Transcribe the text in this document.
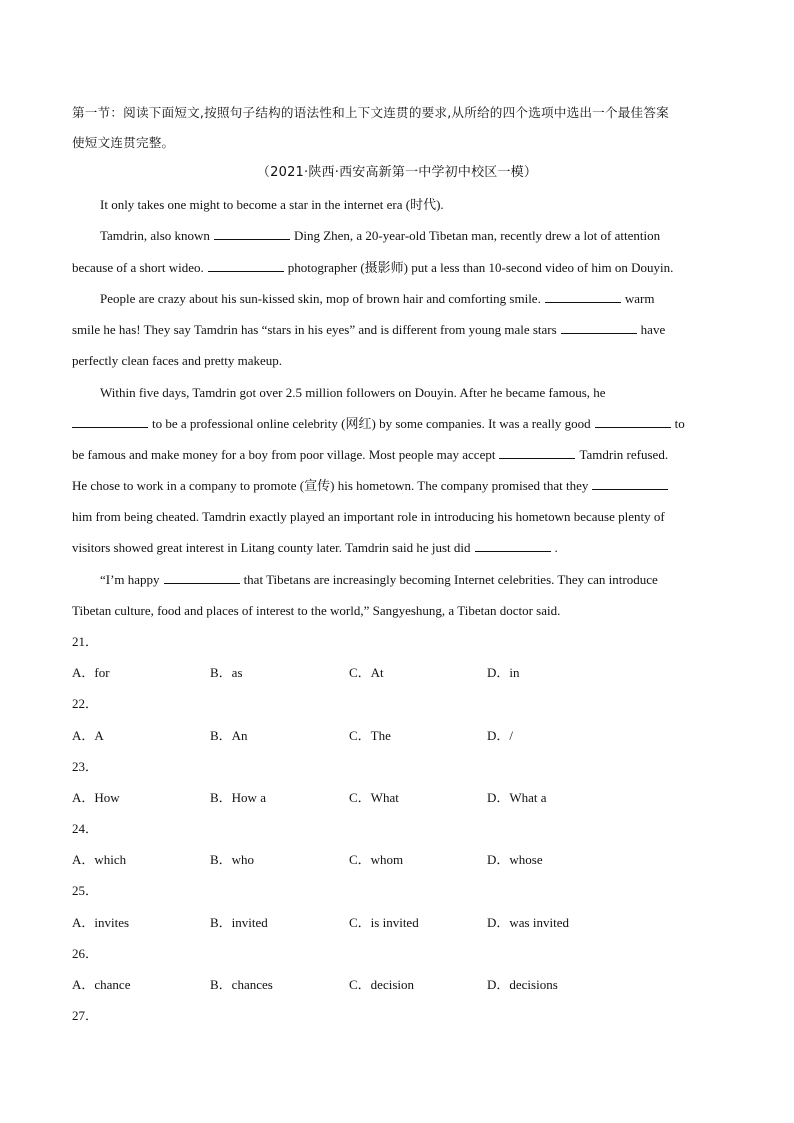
第一节：阅读下面短文,按照句子结构的语法性和上下文连贯的要求,从所给的四个选项中选出一个最佳答案
使短文连贯完整。
（2021·陕西·西安高新第一中学初中校区一模）
It only takes one might to become a star in the internet era (时代).
Tamdrin, also known	Ding Zhen, a 20-year-old Tibetan man, recently drew a lot of attention
because of a short wideo.	photographer (摄影师) put a less than 10-second video of him on Douyin.
People are crazy about his sun-kissed skin, mop of brown hair and comforting smile.	warm
smile he has! They say Tamdrin has “stars in his eyes” and is different from young male stars	have
perfectly clean faces and pretty makeup.
Within five days, Tamdrin got over 2.5 million followers on Douyin. After he became famous, he
to be a professional online celebrity (网红) by some companies. It was a really good	to
be famous and make money for a boy from poor village. Most people may accept	Tamdrin refused.
He chose to work in a company to promote (宣传) his hometown. The company promised that they
him from being cheated. Tamdrin exactly played an important role in introducing his hometown because plenty of
visitors showed great interest in Litang county later. Tamdrin said he just did	.
“I’m happy	that Tibetans are increasingly becoming Internet celebrities. They can introduce
Tibetan culture, food and places of interest to the world,” Sangyeshung, a Tibetan doctor said.
21．
A．for	B．as	C．At	D．in
22．
A．A	B．An	C．The	D．/
23．
A．How	B．How a	C．What	D．What a
24．
A．which	B．who	C．whom	D．whose
25．
A．invites	B．invited	C．is invited	D．was invited
26．
A．chance	B．chances	C．decision	D．decisions
27．
